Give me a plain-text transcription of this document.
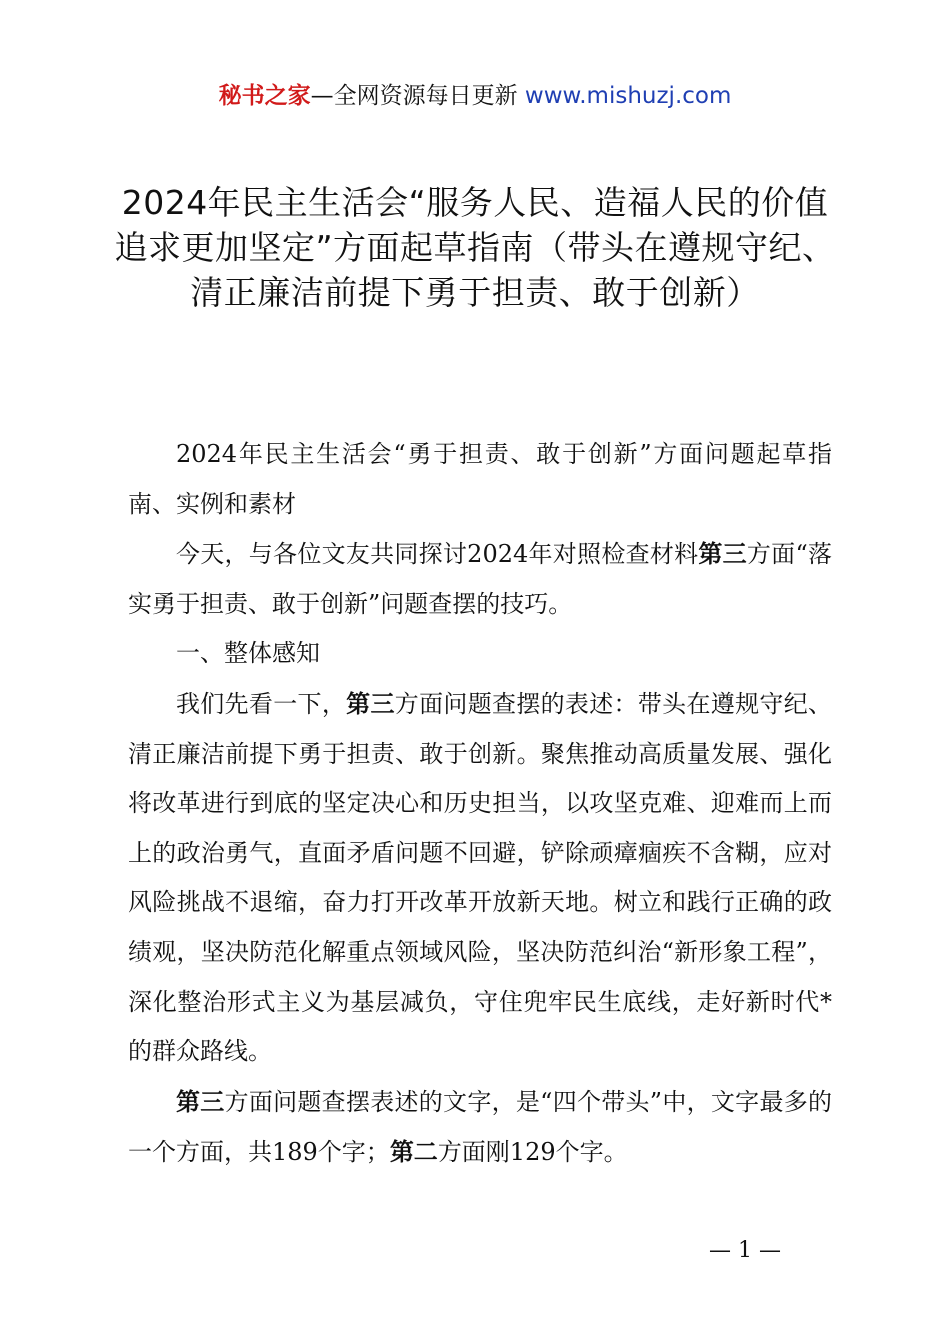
秘书之家—全网资源每日更新 www.mishuzj.com
2024年民主生活会“服务人民、造福人民的价值追求更加坚定”方面起草指南（带头在遵规守纪、清正廉洁前提下勇于担责、敢于创新）

2024年民主生活会“勇于担责、敢于创新”方面问题起草指南、实例和素材

今天，与各位文友共同探讨2024年对照检查材料第三方面“落实勇于担责、敢于创新”问题查摆的技巧。

一、整体感知

我们先看一下，第三方面问题查摆的表述：带头在遵规守纪、清正廉洁前提下勇于担责、敢于创新。聚焦推动高质量发展、强化将改革进行到底的坚定决心和历史担当，以攻坚克难、迎难而上而上的政治勇气，直面矛盾问题不回避，铲除顽瘴痼疾不含糊，应对风险挑战不退缩，奋力打开改革开放新天地。树立和践行正确的政绩观，坚决防范化解重点领域风险，坚决防范纠治“新形象工程”，深化整治形式主义为基层减负，守住兜牢民生底线，走好新时代*的群众路线。

第三方面问题查摆表述的文字，是“四个带头”中，文字最多的一个方面，共189个字；第二方面刚129个字。

— 1 —
